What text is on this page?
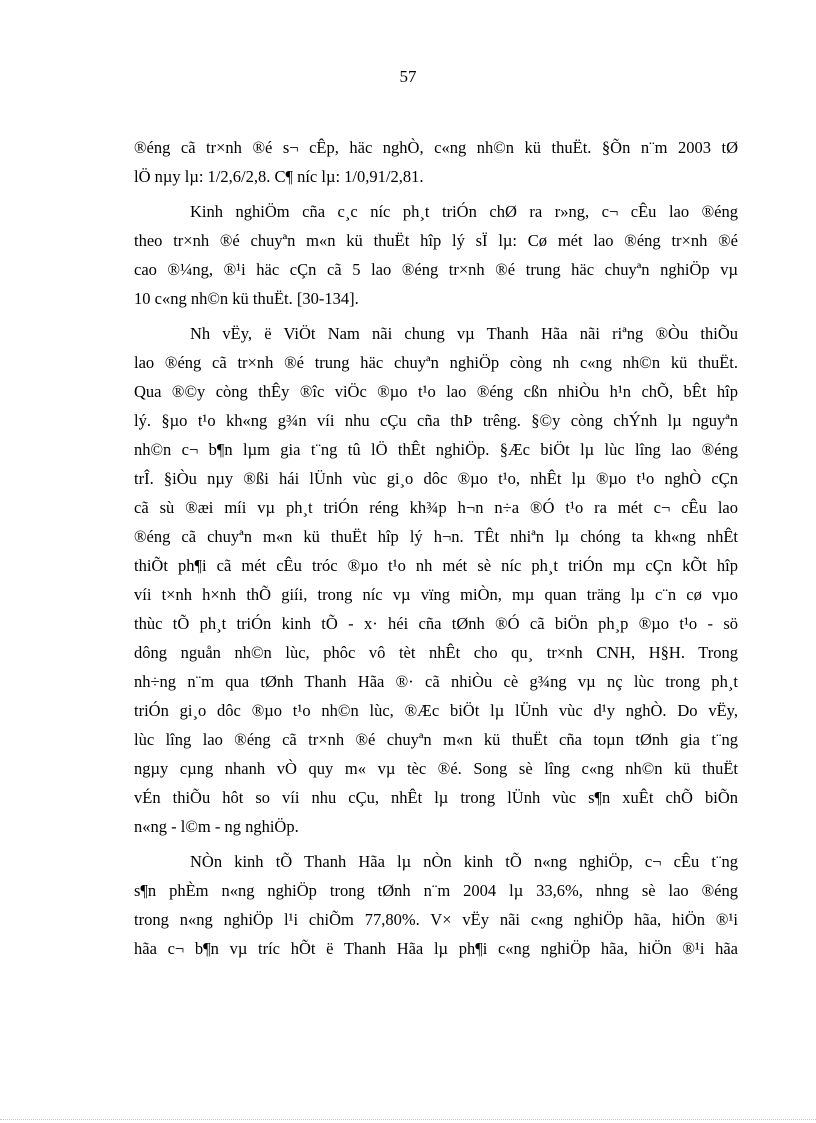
57
®éng cã tr×nh ®é s¬ cÊp, häc nghÒ, c«ng nh©n kü thuËt. §Õn n¨m 2003 tØ
lÖ nµy lµ: 1/2,6/2,8. C¶ níc lµ: 1/0,91/2,81.
Kinh nghiÖm cña c¸c níc ph¸t triÓn chØ ra r»ng, c¬ cÊu lao ®éng
theo tr×nh ®é chuyªn m«n kü thuËt hîp lý sÏ lµ: Cø mét lao ®éng tr×nh ®é
cao ®¼ng, ®¹i häc cÇn cã 5 lao ®éng tr×nh ®é trung häc chuyªn nghiÖp vµ
10 c«ng nh©n kü thuËt. [30-134].
Nh vËy, ë ViÖt Nam nãi chung vµ Thanh Hãa nãi riªng ®Òu thiÕu
lao ®éng cã tr×nh ®é trung häc chuyªn nghiÖp còng nh c«ng nh©n kü thuËt.
Qua ®©y còng thÊy ®îc viÖc ®µo t¹o lao ®éng cßn nhiÒu h¹n chÕ, bÊt hîp
lý. §µo t¹o kh«ng g¾n víi nhu cÇu cña thÞ trêng. §©y còng chÝnh lµ nguyªn
nh©n c¬ b¶n lµm gia t¨ng tû lÖ thÊt nghiÖp. §Æc biÖt lµ lùc lîng lao ®éng
trÎ. §iÒu nµy ®ßi hái lÜnh vùc gi¸o dôc ®µo t¹o, nhÊt lµ ®µo t¹o nghÒ cÇn
cã sù ®æi míi vµ ph¸t triÓn réng kh¾p h¬n n÷a ®Ó t¹o ra mét c¬ cÊu lao
®éng cã chuyªn m«n kü thuËt hîp lý h¬n. TÊt nhiªn lµ chóng ta kh«ng nhÊt
thiÕt ph¶i cã mét cÊu tróc ®µo t¹o nh mét sè níc ph¸t triÓn mµ cÇn kÕt hîp
víi t×nh h×nh thÕ giíi, trong níc vµ vïng miÒn, mµ quan träng lµ c¨n cø vµo
thùc tÕ ph¸t triÓn kinh tÕ - x· héi cña tØnh ®Ó cã biÖn ph¸p ®µo t¹o - sö
dông nguån nh©n lùc, phôc vô tèt nhÊt cho qu¸ tr×nh CNH, H§H. Trong
nh÷ng n¨m qua tØnh Thanh Hãa ®· cã nhiÒu cè g¾ng vµ nç lùc trong ph¸t
triÓn gi¸o dôc ®µo t¹o nh©n lùc, ®Æc biÖt lµ lÜnh vùc d¹y nghÒ. Do vËy,
lùc lîng lao ®éng cã tr×nh ®é chuyªn m«n kü thuËt cña toµn tØnh gia t¨ng
ngµy cµng nhanh vÒ quy m« vµ tèc ®é. Song sè lîng c«ng nh©n kü thuËt
vÉn thiÕu hôt so víi nhu cÇu, nhÊt lµ trong lÜnh vùc s¶n xuÊt chÕ biÕn
n«ng - l©m - ng nghiÖp.
NÒn kinh tÕ Thanh Hãa lµ nÒn kinh tÕ n«ng nghiÖp, c¬ cÊu t¨ng
s¶n phÈm n«ng nghiÖp trong tØnh n¨m 2004 lµ 33,6%, nhng sè lao ®éng
trong n«ng nghiÖp l¹i chiÕm 77,80%. V× vËy nãi c«ng nghiÖp hãa, hiÖn ®¹i
hãa c¬ b¶n vµ tríc hÕt ë Thanh Hãa lµ ph¶i c«ng nghiÖp hãa, hiÖn ®¹i hãa
